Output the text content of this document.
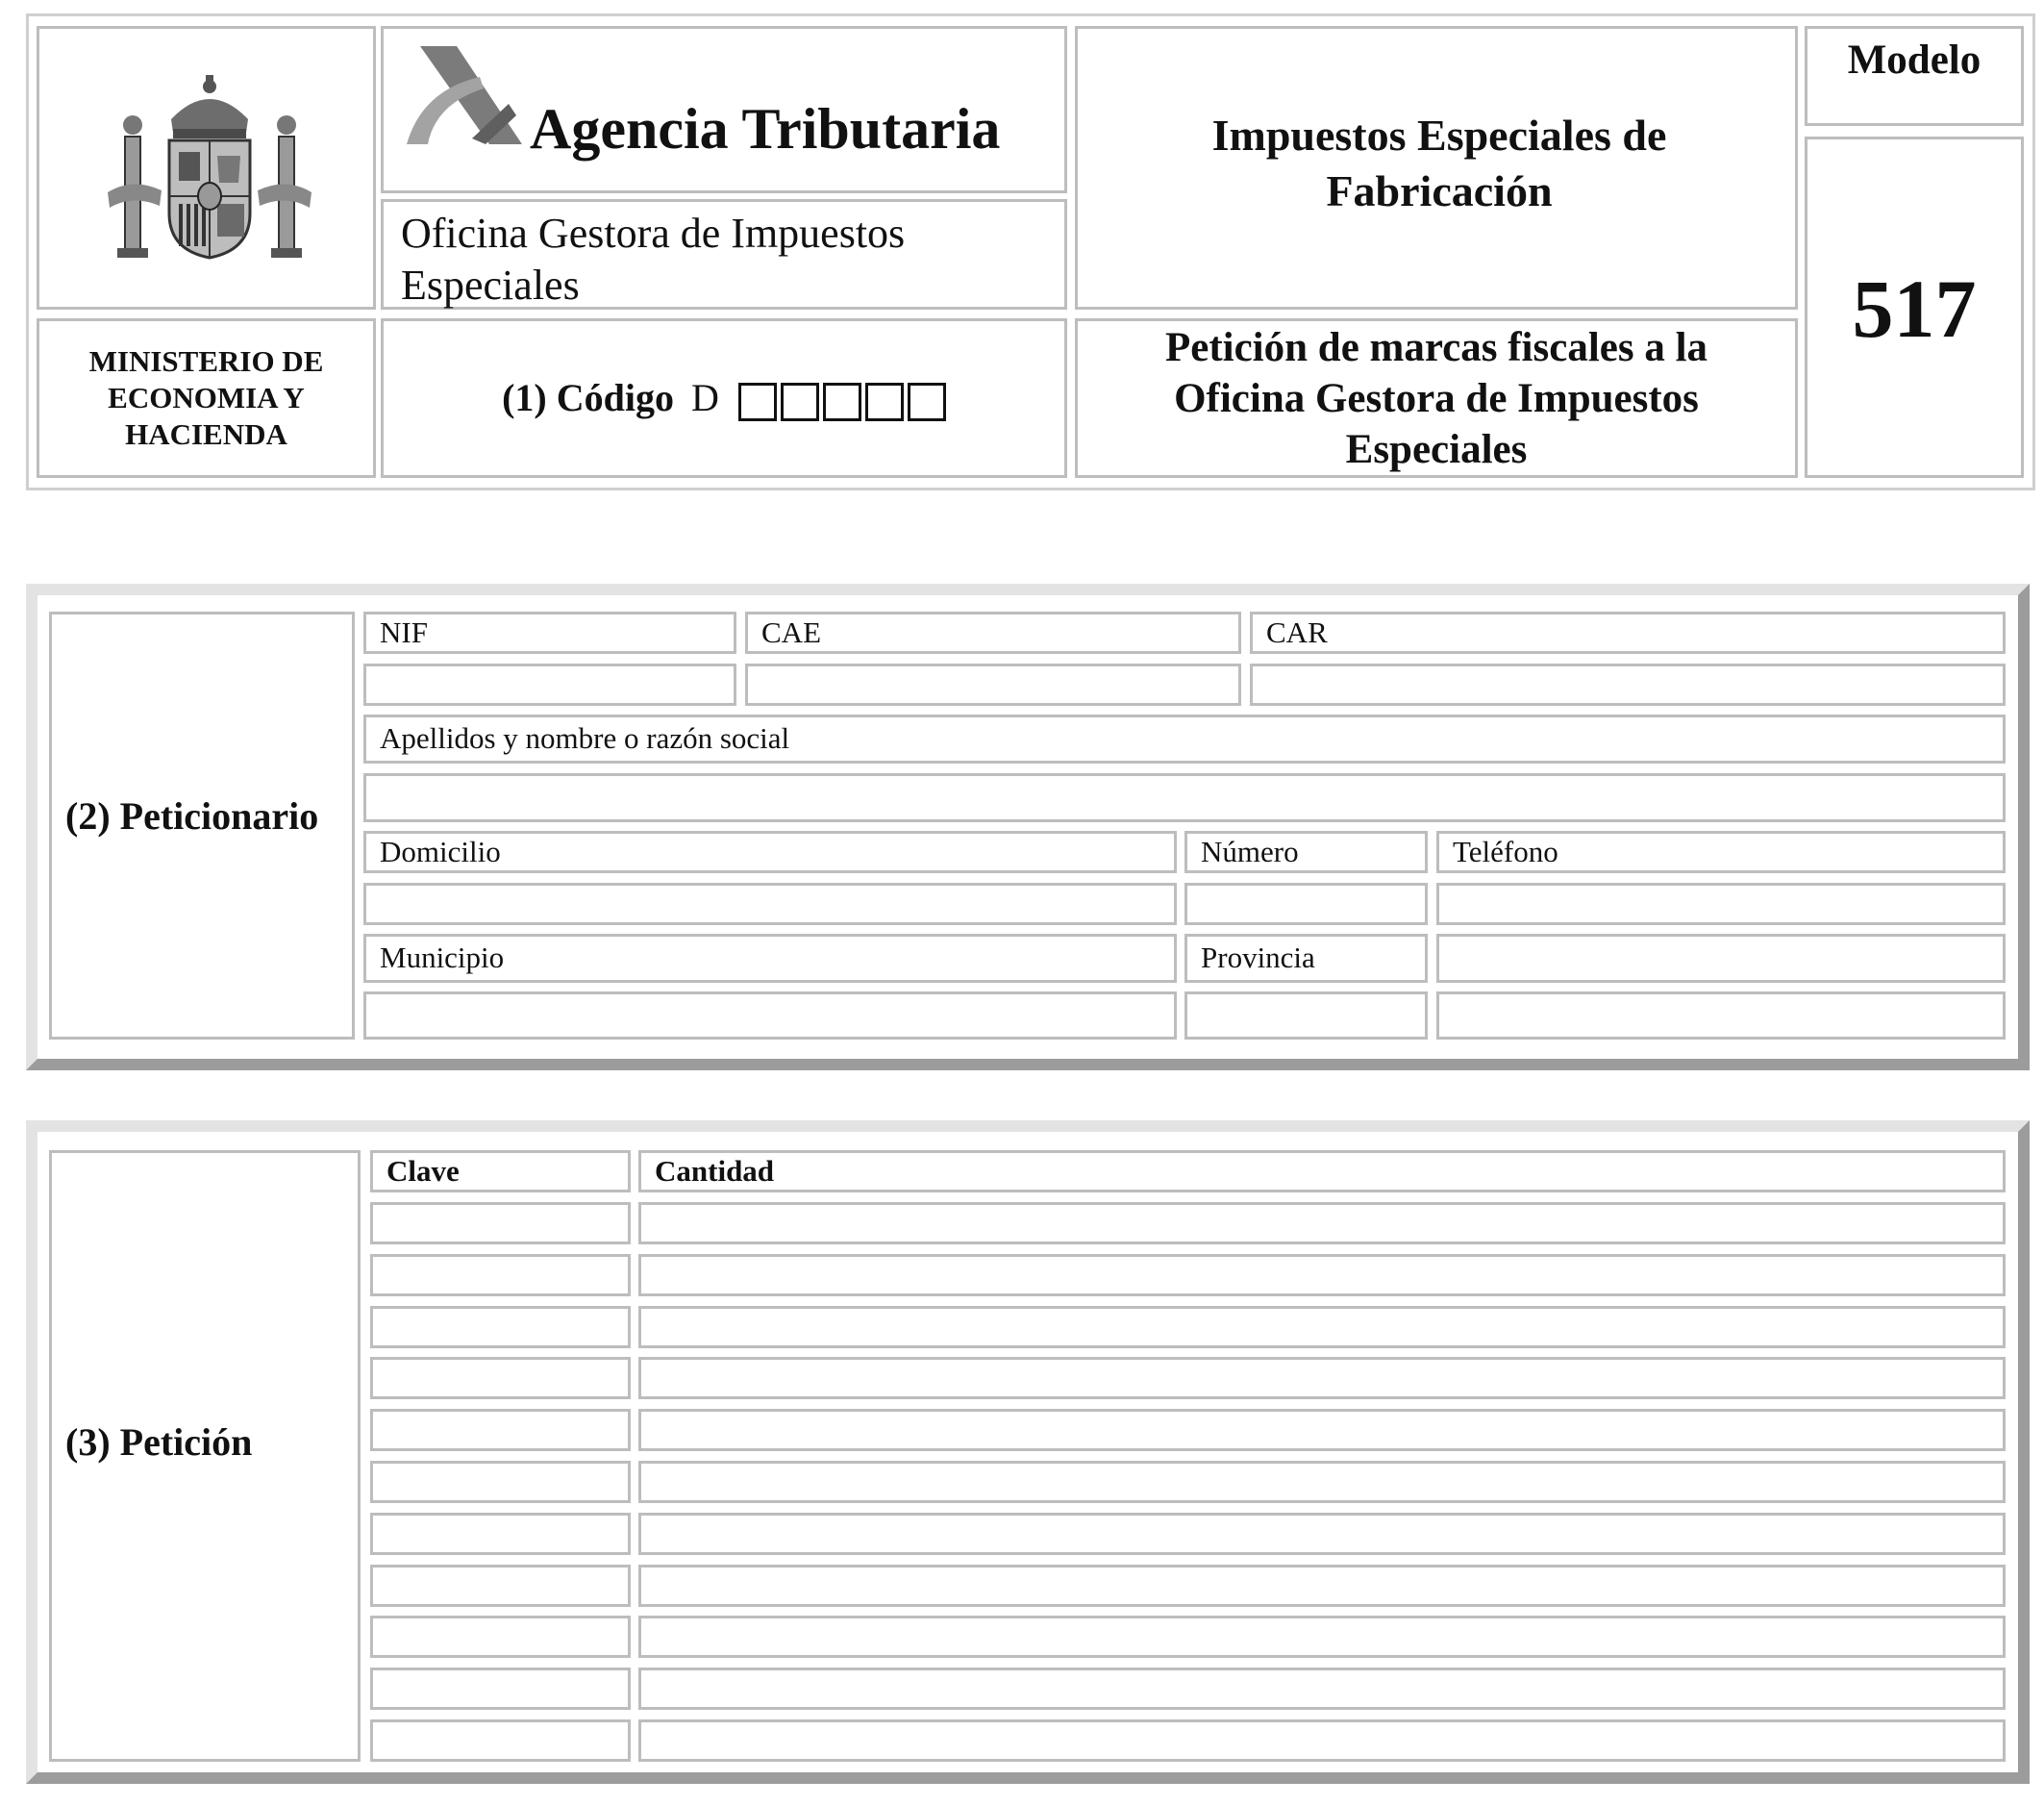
MINISTERIO DE ECONOMIA Y HACIENDA
Agencia Tributaria
Oficina Gestora de Impuestos Especiales
(1) Código D
Impuestos Especiales de Fabricación
Petición de marcas fiscales a la Oficina Gestora de Impuestos Especiales
Modelo
517
(2) Peticionario
NIF	CAE	CAR
Apellidos y nombre o razón social
Domicilio	Número	Teléfono
Municipio	Provincia
(3) Petición
Clave	Cantidad
